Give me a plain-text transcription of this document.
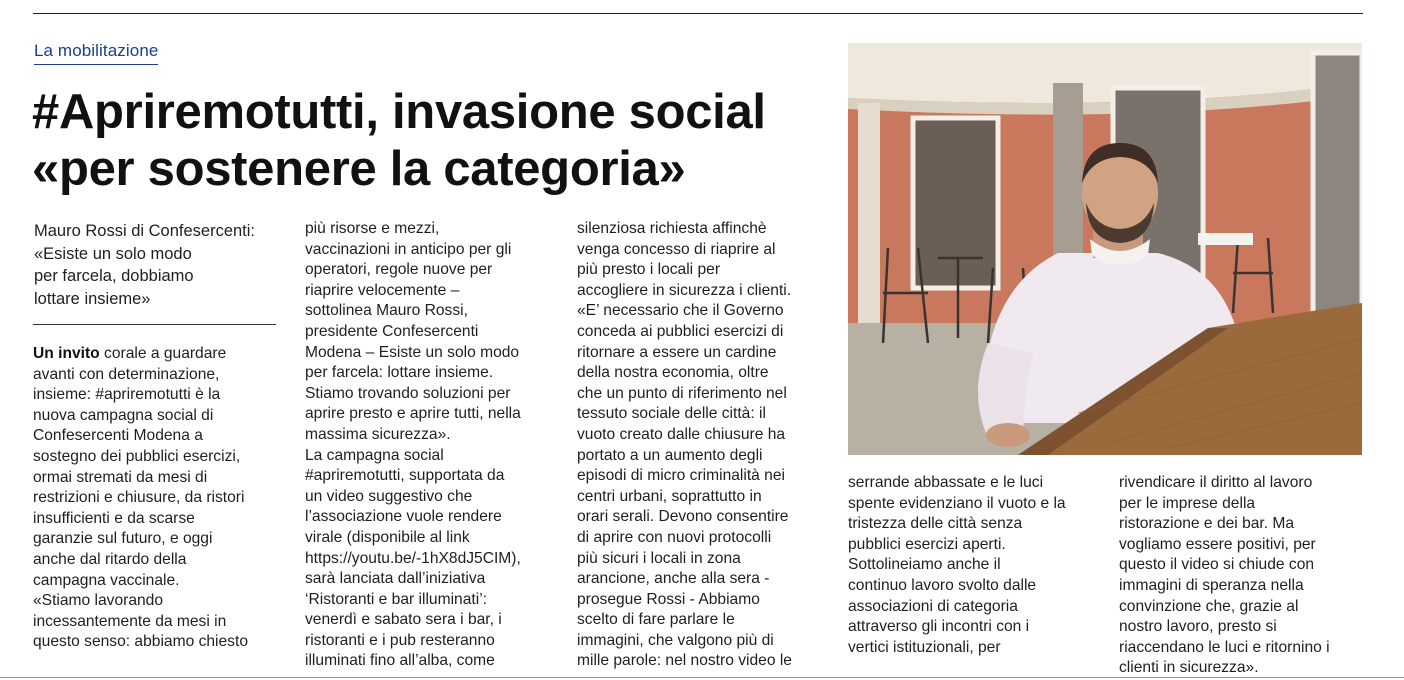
La mobilitazione
#Apriremotutti, invasione social
«per sostenere la categoria»
Mauro Rossi di Confesercenti:
«Esiste un solo modo
per farcela, dobbiamo
lottare insieme»
Un invito corale a guardare
avanti con determinazione,
insieme: #apriremotutti è la
nuova campagna social di
Confesercenti Modena a
sostegno dei pubblici esercizi,
ormai stremati da mesi di
restrizioni e chiusure, da ristori
insufficienti e da scarse
garanzie sul futuro, e oggi
anche dal ritardo della
campagna vaccinale.
«Stiamo lavorando
incessantemente da mesi in
questo senso: abbiamo chiesto
più risorse e mezzi,
vaccinazioni in anticipo per gli
operatori, regole nuove per
riaprire velocemente –
sottolinea Mauro Rossi,
presidente Confesercenti
Modena – Esiste un solo modo
per farcela: lottare insieme.
Stiamo trovando soluzioni per
aprire presto e aprire tutti, nella
massima sicurezza».
La campagna social
#apriremotutti, supportata da
un video suggestivo che
l’associazione vuole rendere
virale (disponibile al link
https://youtu.be/-1hX8dJ5CIM),
sarà lanciata dall’iniziativa
‘Ristoranti e bar illuminati’:
venerdì e sabato sera i bar, i
ristoranti e i pub resteranno
illuminati fino all’alba, come
silenziosa richiesta affinchè
venga concesso di riaprire al
più presto i locali per
accogliere in sicurezza i clienti.
«E’ necessario che il Governo
conceda ai pubblici esercizi di
ritornare a essere un cardine
della nostra economia, oltre
che un punto di riferimento nel
tessuto sociale delle città: il
vuoto creato dalle chiusure ha
portato a un aumento degli
episodi di micro criminalità nei
centri urbani, soprattutto in
orari serali. Devono consentire
di aprire con nuovi protocolli
più sicuri i locali in zona
arancione, anche alla sera -
prosegue Rossi - Abbiamo
scelto di fare parlare le
immagini, che valgono più di
mille parole: nel nostro video le
serrande abbassate e le luci
spente evidenziano il vuoto e la
tristezza delle città senza
pubblici esercizi aperti.
Sottolineiamo anche il
continuo lavoro svolto dalle
associazioni di categoria
attraverso gli incontri con i
vertici istituzionali, per
rivendicare il diritto al lavoro
per le imprese della
ristorazione e dei bar. Ma
vogliamo essere positivi, per
questo il video si chiude con
immagini di speranza nella
convinzione che, grazie al
nostro lavoro, presto si
riaccendano le luci e ritornino i
clienti in sicurezza».
